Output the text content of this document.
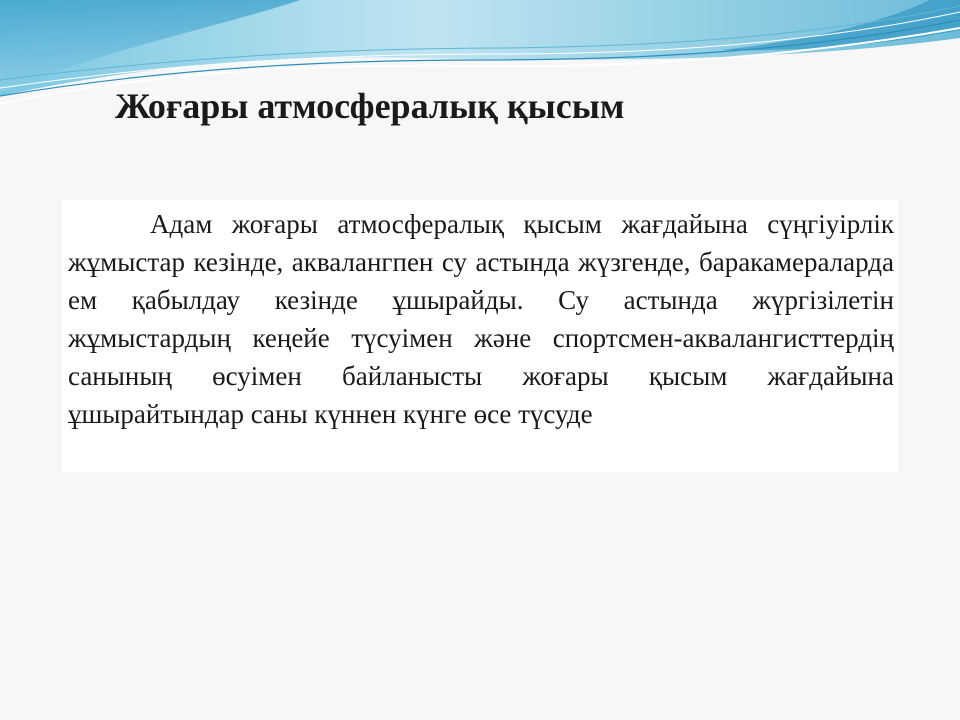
Жоғары атмосфералық қысым

Адам жоғары атмосфералық қысым жағдайына сүңгіуірлік жұмыстар кезінде, аквалангпен су астында жүзгенде, баракамераларда ем қабылдау кезінде ұшырайды. Су астында жүргізілетін жұмыстардың кеңейе түсуімен және спортсмен-аквалангисттердің санының өсуімен байланысты жоғары қысым жағдайына ұшырайтындар саны күннен күнге өсе түсуде
